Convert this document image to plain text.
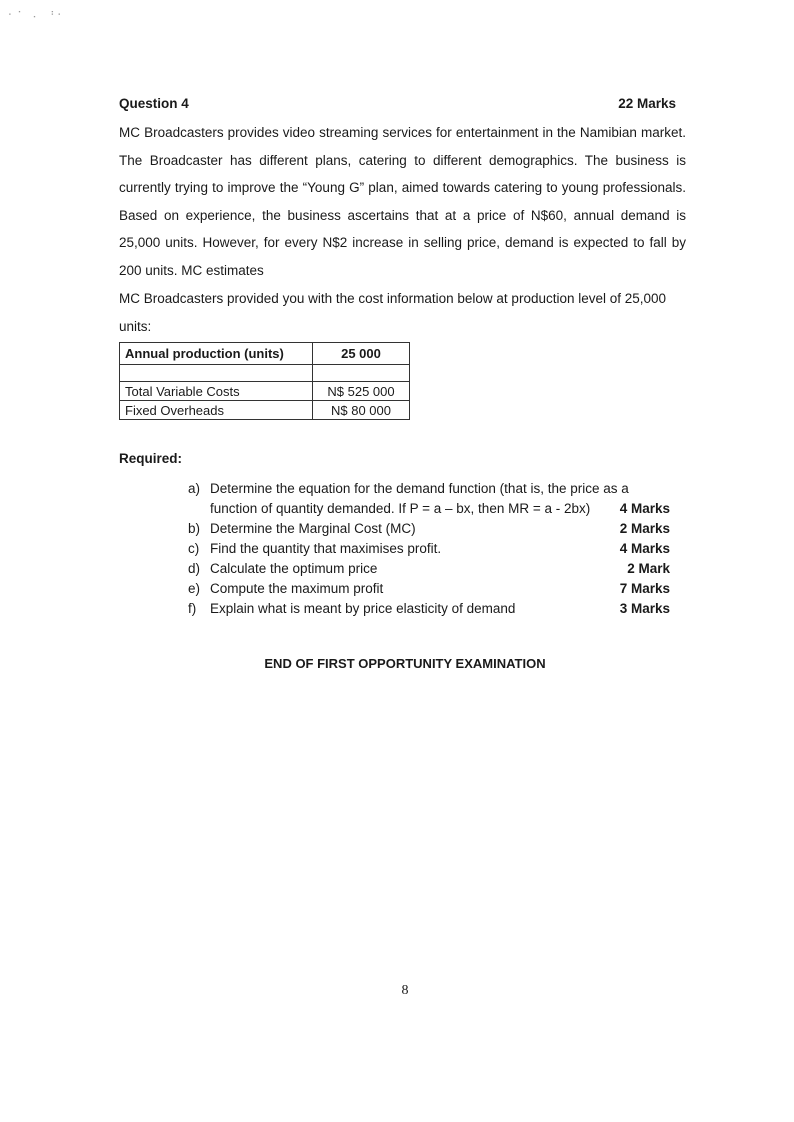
⠂⠁ ⠄ ⠘⠂
Question 4	22 Marks

MC Broadcasters provides video streaming services for entertainment in the Namibian market. The Broadcaster has different plans, catering to different demographics. The business is currently trying to improve the “Young G” plan, aimed towards catering to young professionals. Based on experience, the business ascertains that at a price of N$60, annual demand is 25,000 units. However, for every N$2 increase in selling price, demand is expected to fall by 200 units. MC estimates

MC Broadcasters provided you with the cost information below at production level of 25,000 units:

Annual production (units)	25 000

Total Variable Costs	N$ 525 000
Fixed Overheads	N$ 80 000
Required:
a) Determine the equation for the demand function (that is, the price as a
function of quantity demanded. If P = a – bx, then MR = a - 2bx) 4 Marks
b) Determine the Marginal Cost (MC)	2 Marks
c) Find the quantity that maximises profit.	4 Marks
d) Calculate the optimum price	2 Mark
e) Compute the maximum profit	7 Marks
f) Explain what is meant by price elasticity of demand	3 Marks
END OF FIRST OPPORTUNITY EXAMINATION
8
